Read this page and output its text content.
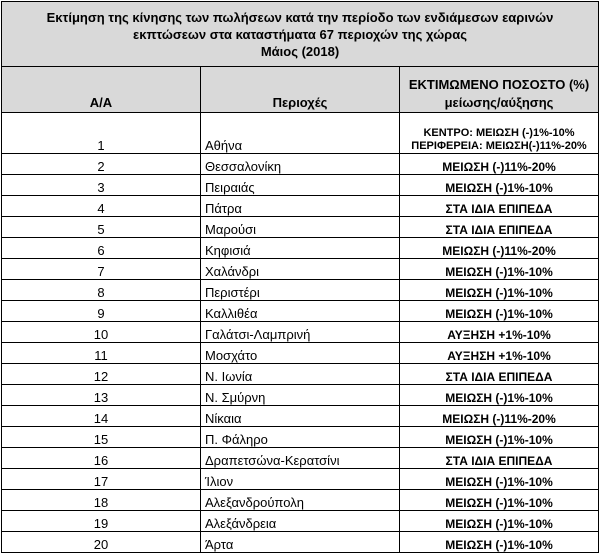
Εκτίμηση της κίνησης των πωλήσεων κατά την περίοδο των ενδιάμεσων εαρινών
εκπτώσεων στα καταστήματα 67 περιοχών της χώρας
Μάιος (2018)		

Α/Α	Περιοχές	ΕΚΤΙΜΩΜΕΝΟ ΠΟΣΟΣΤΟ (%)
μείωσης/αύξησης

1	Αθήνα	ΚΕΝΤΡΟ: ΜΕΙΩΣΗ (-)1%-10%
ΠΕΡΙΦΕΡΕΙΑ: ΜΕΙΩΣΗ(-)11%-20%

2	Θεσσαλονίκη	ΜΕΙΩΣΗ (-)11%-20%
3	Πειραιάς	ΜΕΙΩΣΗ (-)1%-10%
4	Πάτρα	ΣΤΑ ΙΔΙΑ ΕΠΙΠΕΔΑ
5	Μαρούσι	ΣΤΑ ΙΔΙΑ ΕΠΙΠΕΔΑ
6	Κηφισιά	ΜΕΙΩΣΗ (-)11%-20%
7	Χαλάνδρι	ΜΕΙΩΣΗ (-)1%-10%
8	Περιστέρι	ΜΕΙΩΣΗ (-)1%-10%
9	Καλλιθέα	ΜΕΙΩΣΗ (-)1%-10%
10	Γαλάτσι-Λαμπρινή	ΑΥΞΗΣΗ +1%-10%
11	Μοσχάτο	ΑΥΞΗΣΗ +1%-10%
12	Ν. Ιωνία	ΣΤΑ ΙΔΙΑ ΕΠΙΠΕΔΑ
13	Ν. Σμύρνη	ΜΕΙΩΣΗ (-)1%-10%
14	Νίκαια	ΜΕΙΩΣΗ (-)11%-20%
15	Π. Φάληρο	ΜΕΙΩΣΗ (-)1%-10%
16	Δραπετσώνα-Κερατσίνι	ΣΤΑ ΙΔΙΑ ΕΠΙΠΕΔΑ
17	Ίλιον	ΜΕΙΩΣΗ (-)1%-10%
18	Αλεξανδρούπολη	ΜΕΙΩΣΗ (-)1%-10%
19	Αλεξάνδρεια	ΜΕΙΩΣΗ (-)1%-10%
20	Άρτα	ΜΕΙΩΣΗ (-)1%-10%
